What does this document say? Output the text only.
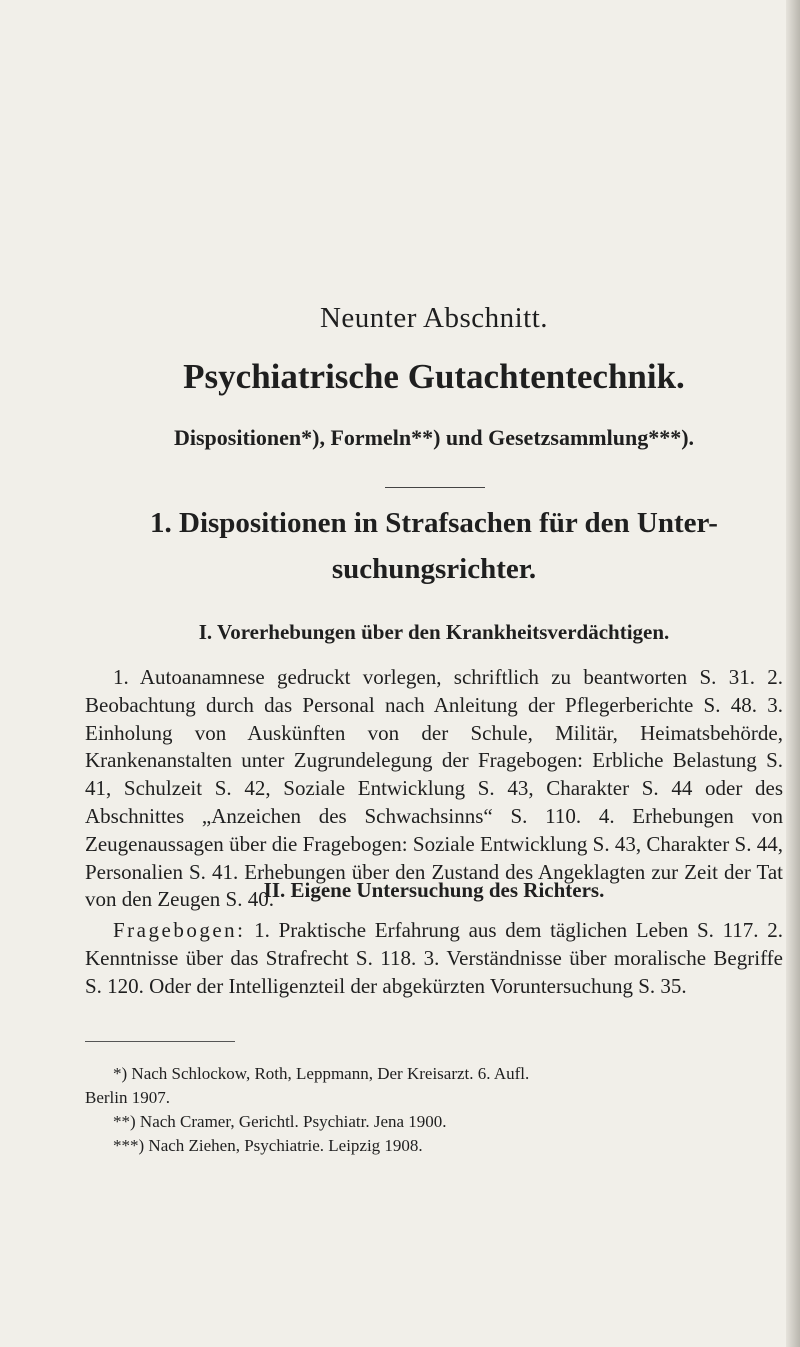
Neunter Abschnitt.
Psychiatrische Gutachtentechnik.
Dispositionen*), Formeln**) und Gesetzsammlung***).
1. Dispositionen in Strafsachen für den Unter-
suchungsrichter.
I. Vorerhebungen über den Krankheitsverdächtigen.

1. Autoanamnese gedruckt vorlegen, schriftlich zu beantworten S. 31. 2. Beobachtung durch das Personal nach Anleitung der Pflegerberichte S. 48. 3. Einholung von Auskünften von der Schule, Militär, Heimatsbehörde, Krankenanstalten unter Zugrundelegung der Fragebogen: Erbliche Belastung S. 41, Schulzeit S. 42, Soziale Entwicklung S. 43, Charakter S. 44 oder des Abschnittes „Anzeichen des Schwachsinns“ S. 110. 4. Erhebungen von Zeugenaussagen über die Fragebogen: Soziale Entwicklung S. 43, Charakter S. 44, Personalien S. 41. Erhebungen über den Zustand des Angeklagten zur Zeit der Tat von den Zeugen S. 40.

II. Eigene Untersuchung des Richters.

Fragebogen: 1. Praktische Erfahrung aus dem täglichen Leben S. 117. 2. Kenntnisse über das Strafrecht S. 118. 3. Verständnisse über moralische Begriffe S. 120. Oder der Intelligenzteil der abgekürzten Voruntersuchung S. 35.

*) Nach Schlockow, Roth, Leppmann, Der Kreisarzt. 6. Aufl.
Berlin 1907.
**) Nach Cramer, Gerichtl. Psychiatr. Jena 1900.
***) Nach Ziehen, Psychiatrie. Leipzig 1908.
